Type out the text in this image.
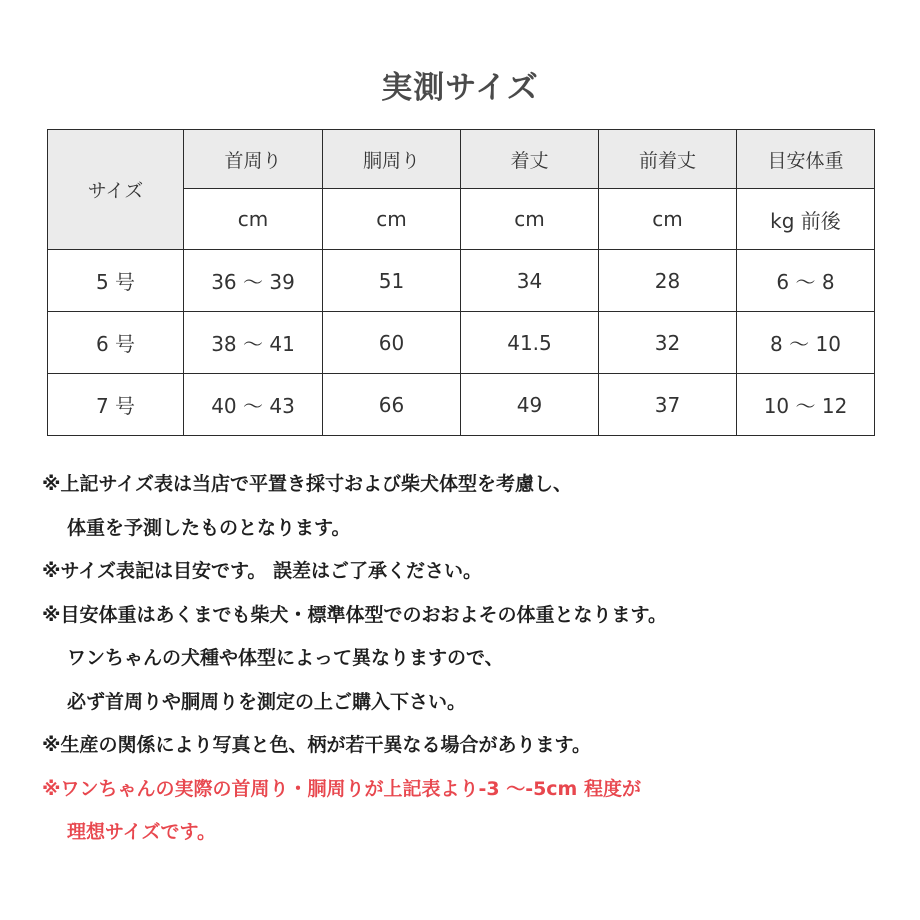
実測サイズ
サイズ	首周り	胴周り	着丈	前着丈	目安体重
	cm	cm	cm	cm	kg 前後
5 号	36 ～ 39	51	34	28	6 ～ 8
6 号	38 ～ 41	60	41.5	32	8 ～ 10
7 号	40 ～ 43	66	49	37	10 ～ 12
※上記サイズ表は当店で平置き採寸および柴犬体型を考慮し、
体重を予測したものとなります。
※サイズ表記は目安です。 誤差はご了承ください。
※目安体重はあくまでも柴犬・標準体型でのおおよその体重となります。
ワンちゃんの犬種や体型によって異なりますので、
必ず首周りや胴周りを測定の上ご購入下さい。
※生産の関係により写真と色、柄が若干異なる場合があります。
※ワンちゃんの実際の首周り・胴周りが上記表より-3 ～-5cm 程度が
理想サイズです。
